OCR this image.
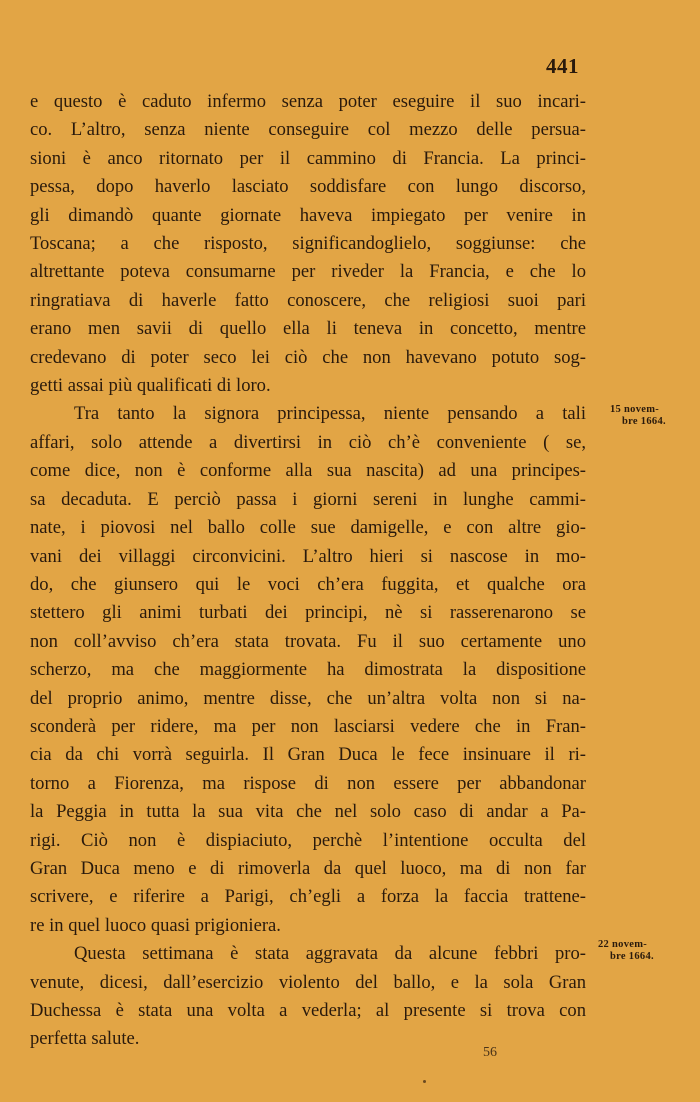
441
e questo è caduto infermo senza poter eseguire il suo incari-
co. L’altro, senza niente conseguire col mezzo delle persua-
sioni è anco ritornato per il cammino di Francia. La princi-
pessa, dopo haverlo lasciato soddisfare con lungo discorso,
gli dimandò quante giornate haveva impiegato per venire in
Toscana; a che risposto, significandoglielo, soggiunse: che
altrettante poteva consumarne per riveder la Francia, e che lo
ringratiava di haverle fatto conoscere, che religiosi suoi pari
erano men savii di quello ella li teneva in concetto, mentre
credevano di poter seco lei ciò che non havevano potuto sog-
getti assai più qualificati di loro.
Tra tanto la signora principessa, niente pensando a tali
affari, solo attende a divertirsi in ciò ch’è conveniente ( se,
come dice, non è conforme alla sua nascita) ad una principes-
sa decaduta. E perciò passa i giorni sereni in lunghe cammi-
nate, i piovosi nel ballo colle sue damigelle, e con altre gio-
vani dei villaggi circonvicini. L’altro hieri si nascose in mo-
do, che giunsero qui le voci ch’era fuggita, et qualche ora
stettero gli animi turbati dei principi, nè si rasserenarono se
non coll’avviso ch’era stata trovata. Fu il suo certamente uno
scherzo, ma che maggiormente ha dimostrata la dispositione
del proprio animo, mentre disse, che un’altra volta non si na-
sconderà per ridere, ma per non lasciarsi vedere che in Fran-
cia da chi vorrà seguirla. Il Gran Duca le fece insinuare il ri-
torno a Fiorenza, ma rispose di non essere per abbandonar
la Peggia in tutta la sua vita che nel solo caso di andar a Pa-
rigi. Ciò non è dispiaciuto, perchè l’intentione occulta del
Gran Duca meno e di rimoverla da quel luoco, ma di non far
scrivere, e riferire a Parigi, ch’egli a forza la faccia trattene-
re in quel luoco quasi prigioniera.
Questa settimana è stata aggravata da alcune febbri pro-
venute, dicesi, dall’esercizio violento del ballo, e la sola Gran
Duchessa è stata una volta a vederla; al presente si trova con
perfetta salute.
15 novem-
bre 1664.
22 novem-
bre 1664.
56
